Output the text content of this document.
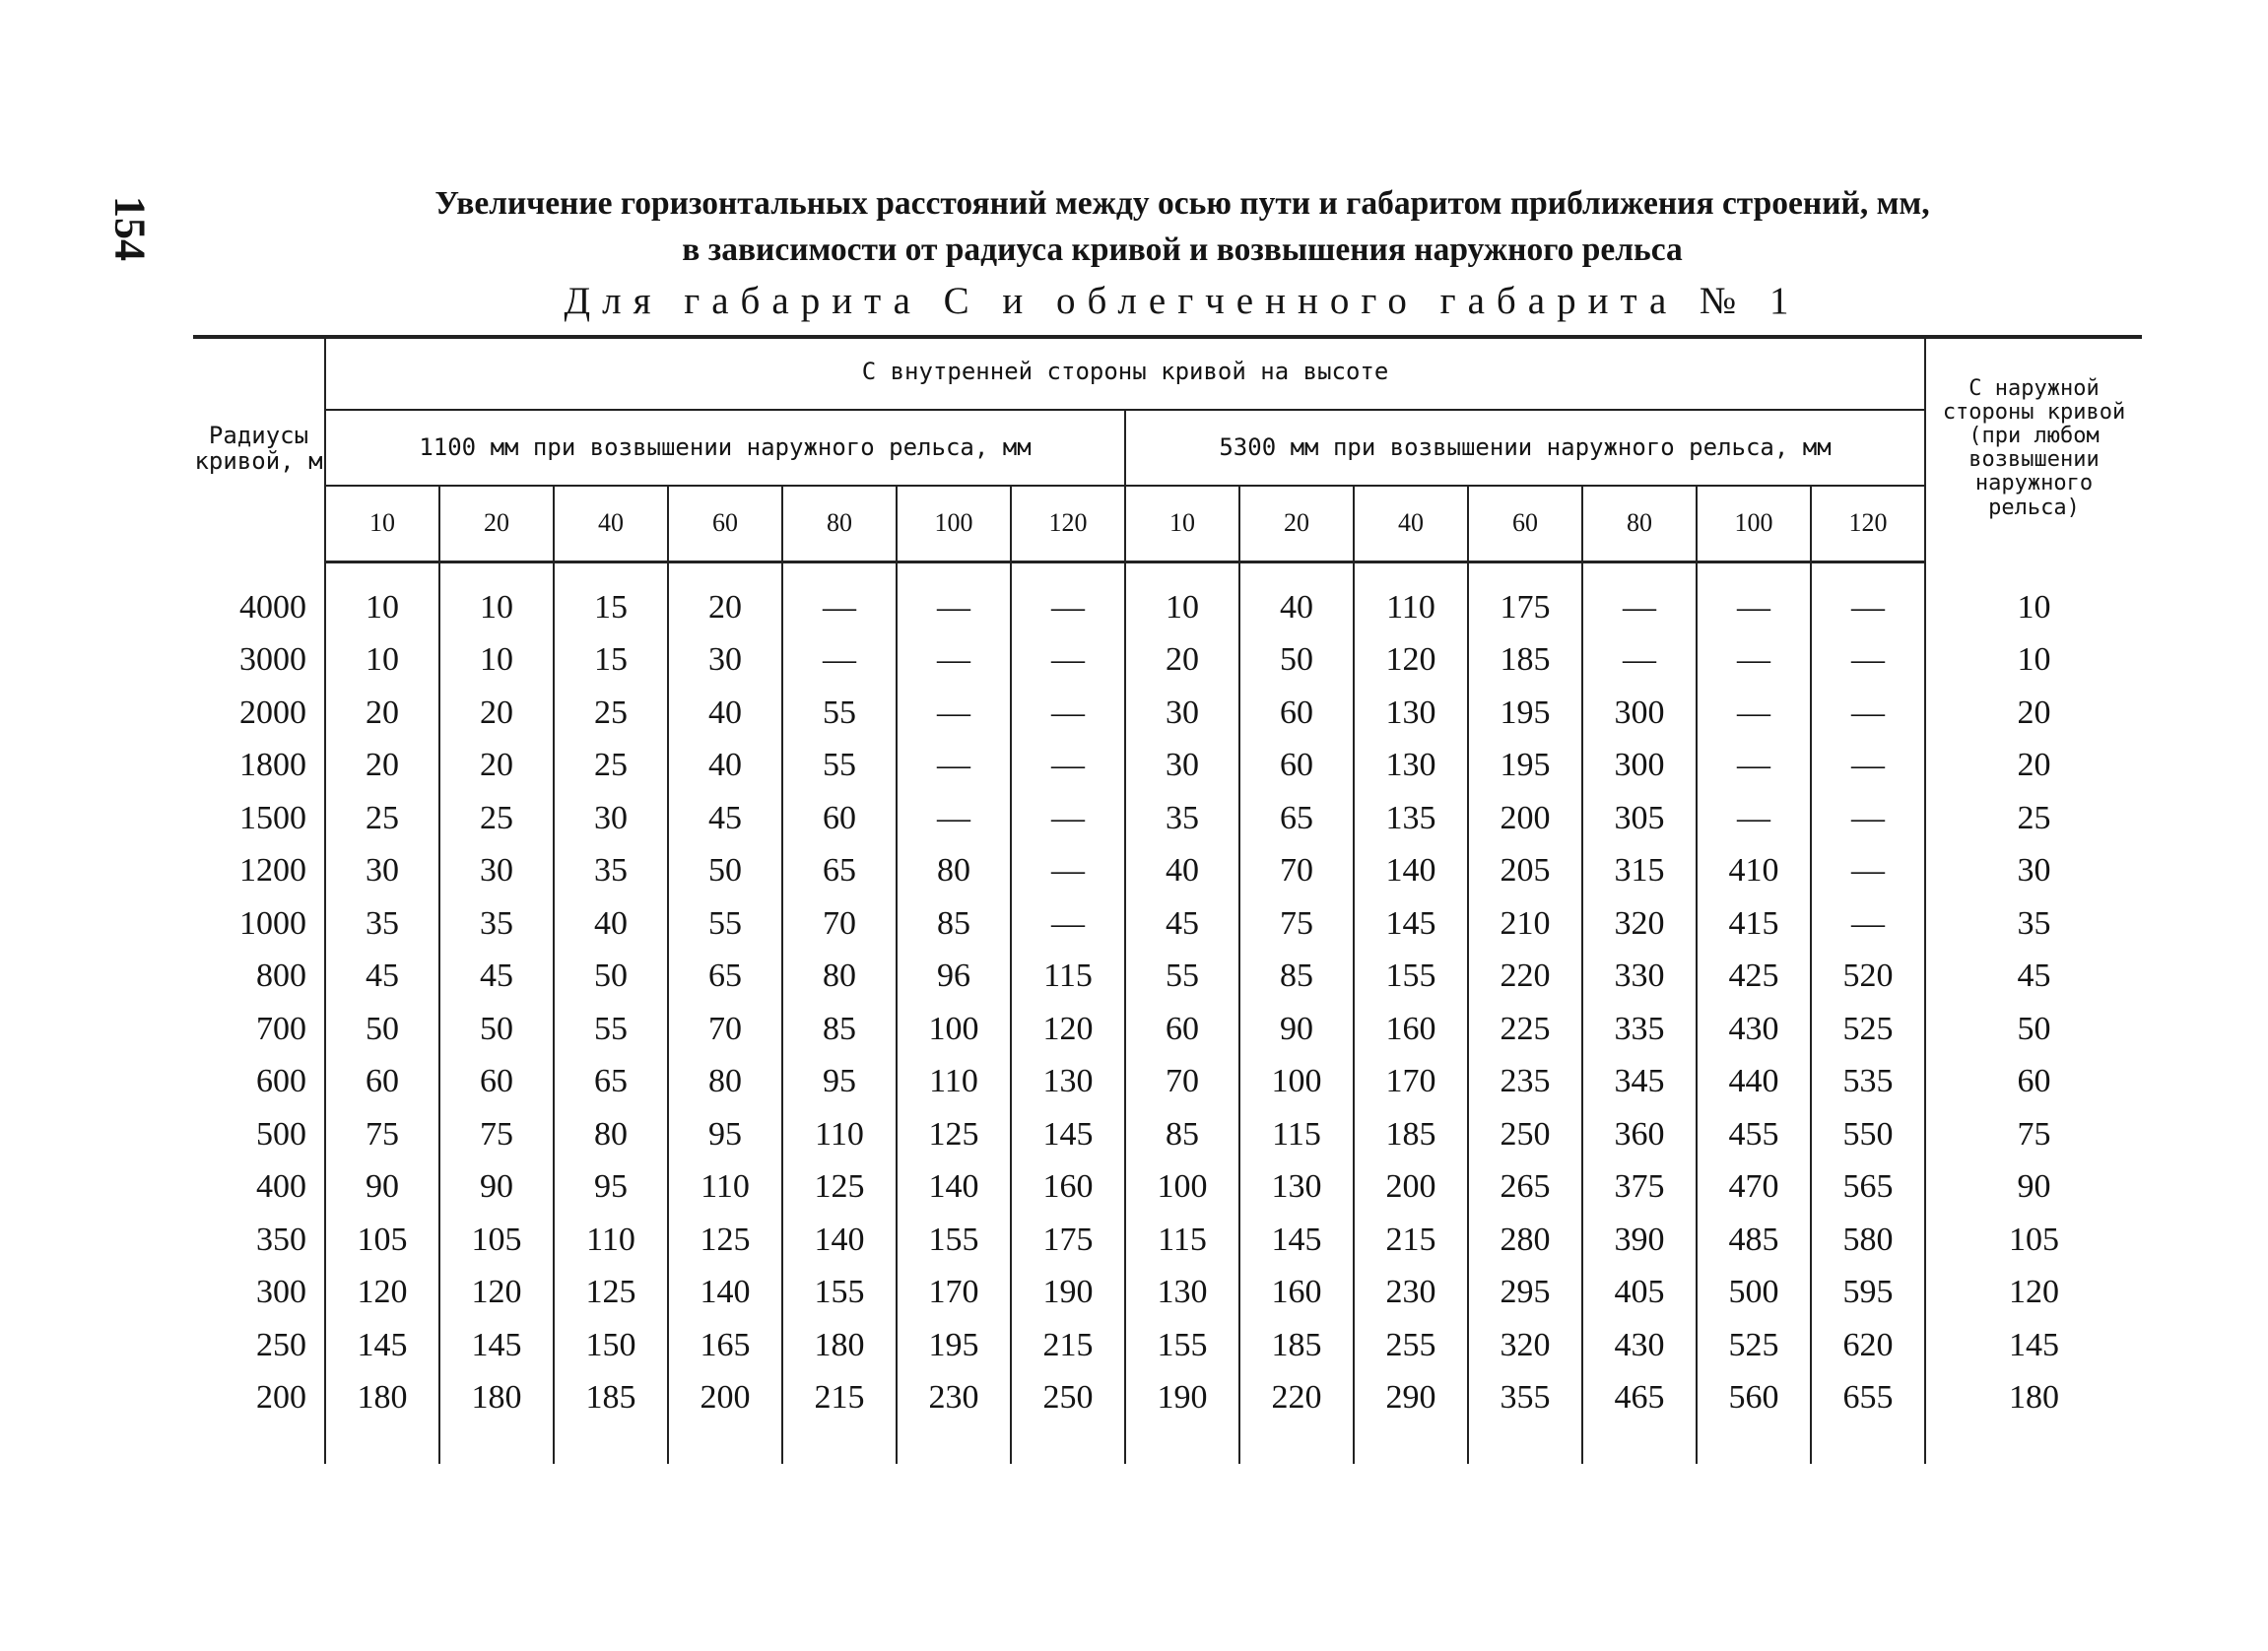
154	Увеличение горизонтальных расстояний между осью пути и габаритом приближения строений, мм,
в зависимости от радиуса кривой и возвышения наружного рельса
Для габарита С и облегченного габарита № 1
Радиусы кривой, м	С внутренней стороны кривой на высоте														С наружной стороны кривой (при любом возвышении наружного рельса)
	1100 мм при возвышении наружного рельса, мм							5300 мм при возвышении наружного рельса, мм							
	10	20	40	60	80	100	120	10	20	40	60	80	100	120	

4000	10	10	15	20	—	—	—	10	40	110	175	—	—	—	10
3000	10	10	15	30	—	—	—	20	50	120	185	—	—	—	10
2000	20	20	25	40	55	—	—	30	60	130	195	300	—	—	20
1800	20	20	25	40	55	—	—	30	60	130	195	300	—	—	20
1500	25	25	30	45	60	—	—	35	65	135	200	305	—	—	25
1200	30	30	35	50	65	80	—	40	70	140	205	315	410	—	30
1000	35	35	40	55	70	85	—	45	75	145	210	320	415	—	35
800	45	45	50	65	80	96	115	55	85	155	220	330	425	520	45
700	50	50	55	70	85	100	120	60	90	160	225	335	430	525	50
600	60	60	65	80	95	110	130	70	100	170	235	345	440	535	60
500	75	75	80	95	110	125	145	85	115	185	250	360	455	550	75
400	90	90	95	110	125	140	160	100	130	200	265	375	470	565	90
350	105	105	110	125	140	155	175	115	145	215	280	390	485	580	105
300	120	120	125	140	155	170	190	130	160	230	295	405	500	595	120
250	145	145	150	165	180	195	215	155	185	255	320	430	525	620	145
200	180	180	185	200	215	230	250	190	220	290	355	465	560	655	180
